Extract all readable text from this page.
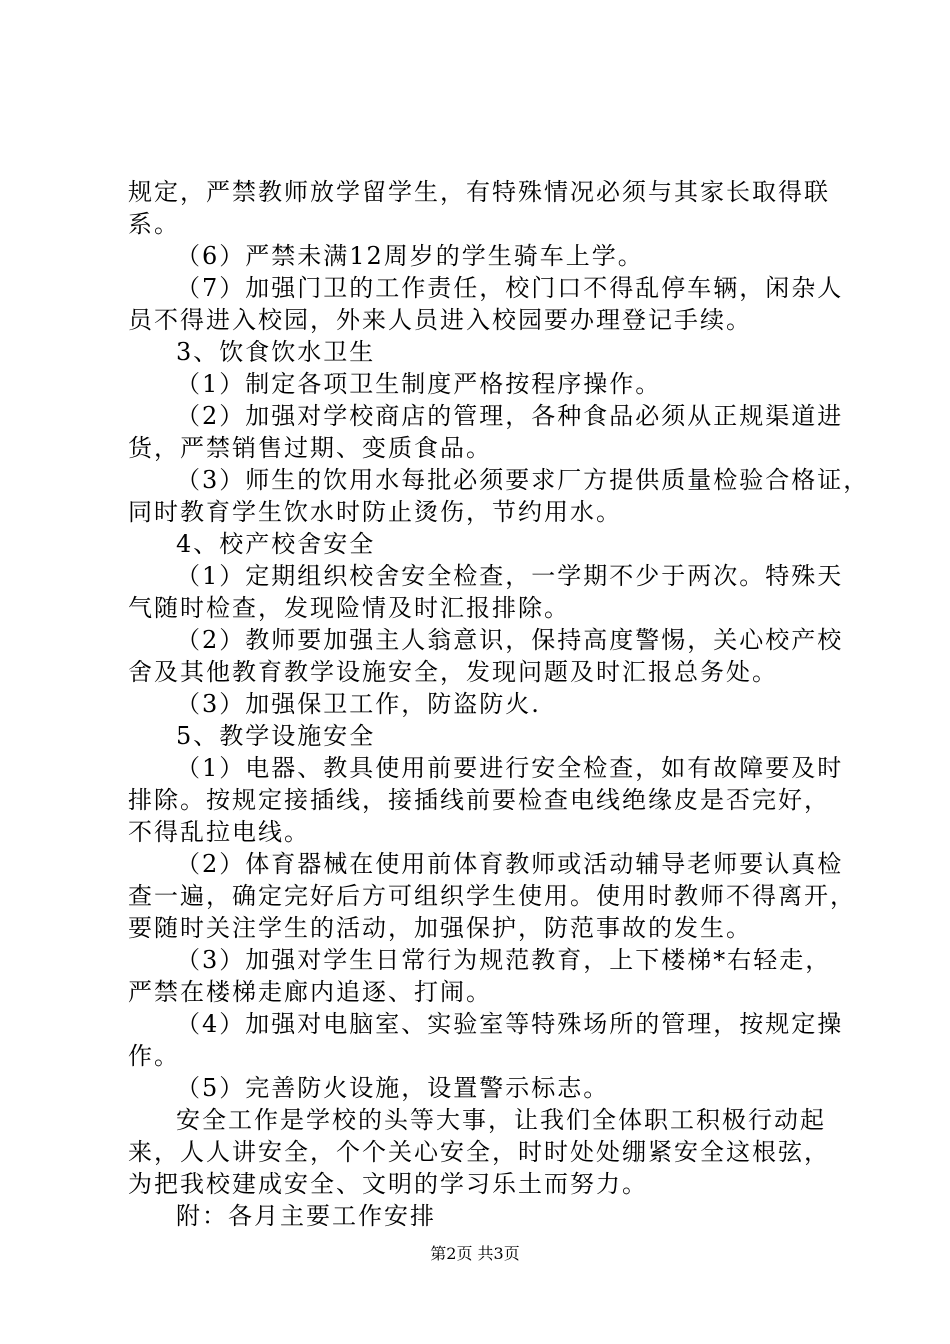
规定，严禁教师放学留学生，有特殊情况必须与其家长取得联
系。
（6）严禁未满12周岁的学生骑车上学。
（7）加强门卫的工作责任，校门口不得乱停车辆，闲杂人
员不得进入校园，外来人员进入校园要办理登记手续。
3、饮食饮水卫生
（1）制定各项卫生制度严格按程序操作。
（2）加强对学校商店的管理，各种食品必须从正规渠道进
货，严禁销售过期、变质食品。
（3）师生的饮用水每批必须要求厂方提供质量检验合格证，
同时教育学生饮水时防止烫伤，节约用水。
4、校产校舍安全
（1）定期组织校舍安全检查，一学期不少于两次。特殊天
气随时检查，发现险情及时汇报排除。
（2）教师要加强主人翁意识，保持高度警惕，关心校产校
舍及其他教育教学设施安全，发现问题及时汇报总务处。
（3）加强保卫工作，防盗防火.
5、教学设施安全
（1）电器、教具使用前要进行安全检查，如有故障要及时
排除。按规定接插线，接插线前要检查电线绝缘皮是否完好，
不得乱拉电线。
（2）体育器械在使用前体育教师或活动辅导老师要认真检
查一遍，确定完好后方可组织学生使用。使用时教师不得离开，
要随时关注学生的活动，加强保护，防范事故的发生。
（3）加强对学生日常行为规范教育，上下楼梯*右轻走，
严禁在楼梯走廊内追逐、打闹。
（4）加强对电脑室、实验室等特殊场所的管理，按规定操
作。
（5）完善防火设施，设置警示标志。
安全工作是学校的头等大事，让我们全体职工积极行动起
来，人人讲安全，个个关心安全，时时处处绷紧安全这根弦，
为把我校建成安全、文明的学习乐土而努力。
附：各月主要工作安排
第2页 共3页
